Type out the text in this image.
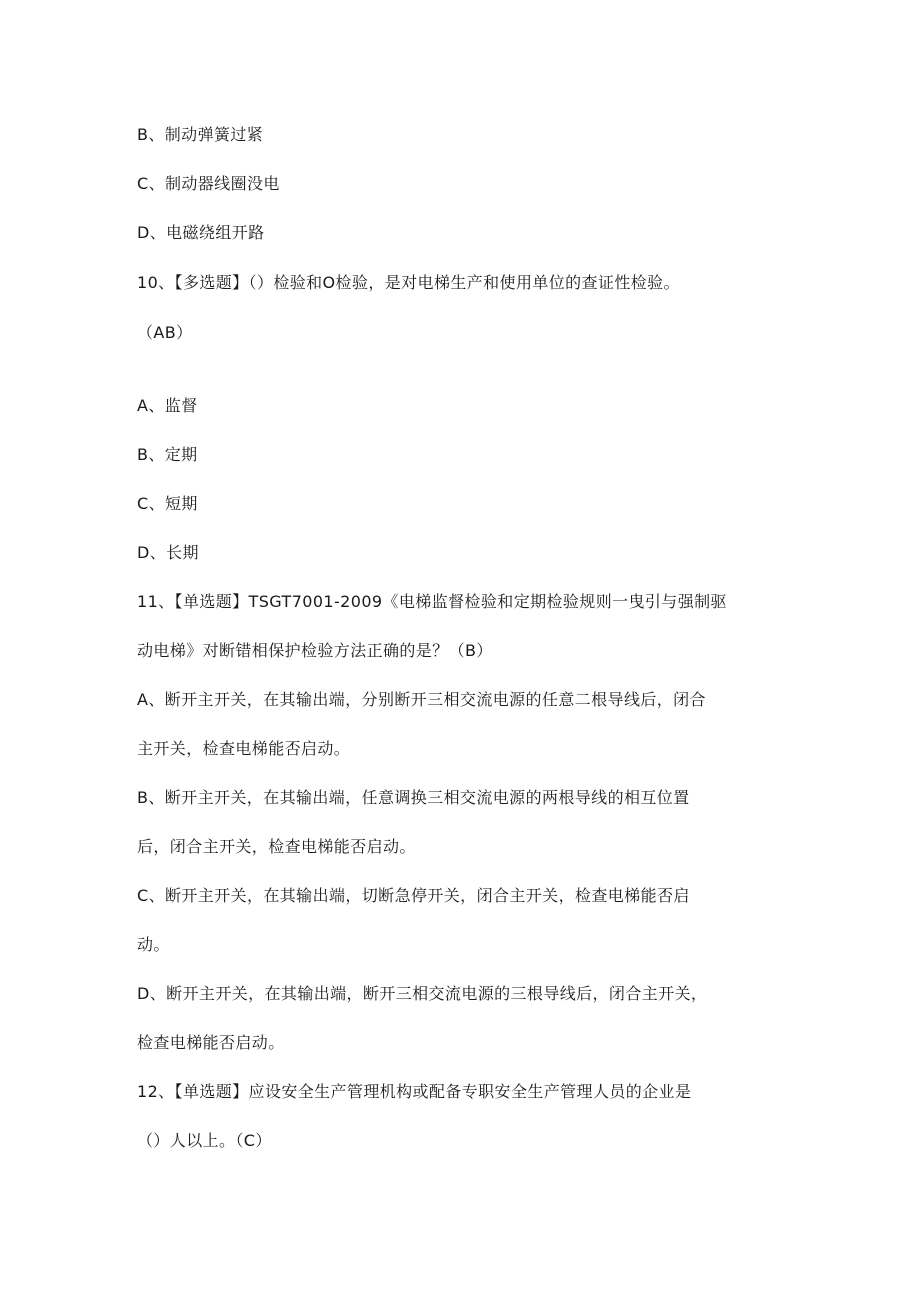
B、制动弹簧过紧
C、制动器线圈没电
D、电磁绕组开路
10、【多选题】（）检验和O检验，是对电梯生产和使用单位的查证性检验。
（AB）
A、监督
B、定期
C、短期
D、长期
11、【单选题】TSGT7001-2009《电梯监督检验和定期检验规则一曳引与强制驱
动电梯》对断错相保护检验方法正确的是？（B）
A、断开主开关，在其输出端，分别断开三相交流电源的任意二根导线后，闭合
主开关，检查电梯能否启动。
B、断开主开关，在其输出端，任意调换三相交流电源的两根导线的相互位置
后，闭合主开关，检查电梯能否启动。
C、断开主开关，在其输出端，切断急停开关，闭合主开关，检查电梯能否启
动。
D、断开主开关，在其输出端，断开三相交流电源的三根导线后，闭合主开关，
检查电梯能否启动。
12、【单选题】应设安全生产管理机构或配备专职安全生产管理人员的企业是
（）人以上。（C）
